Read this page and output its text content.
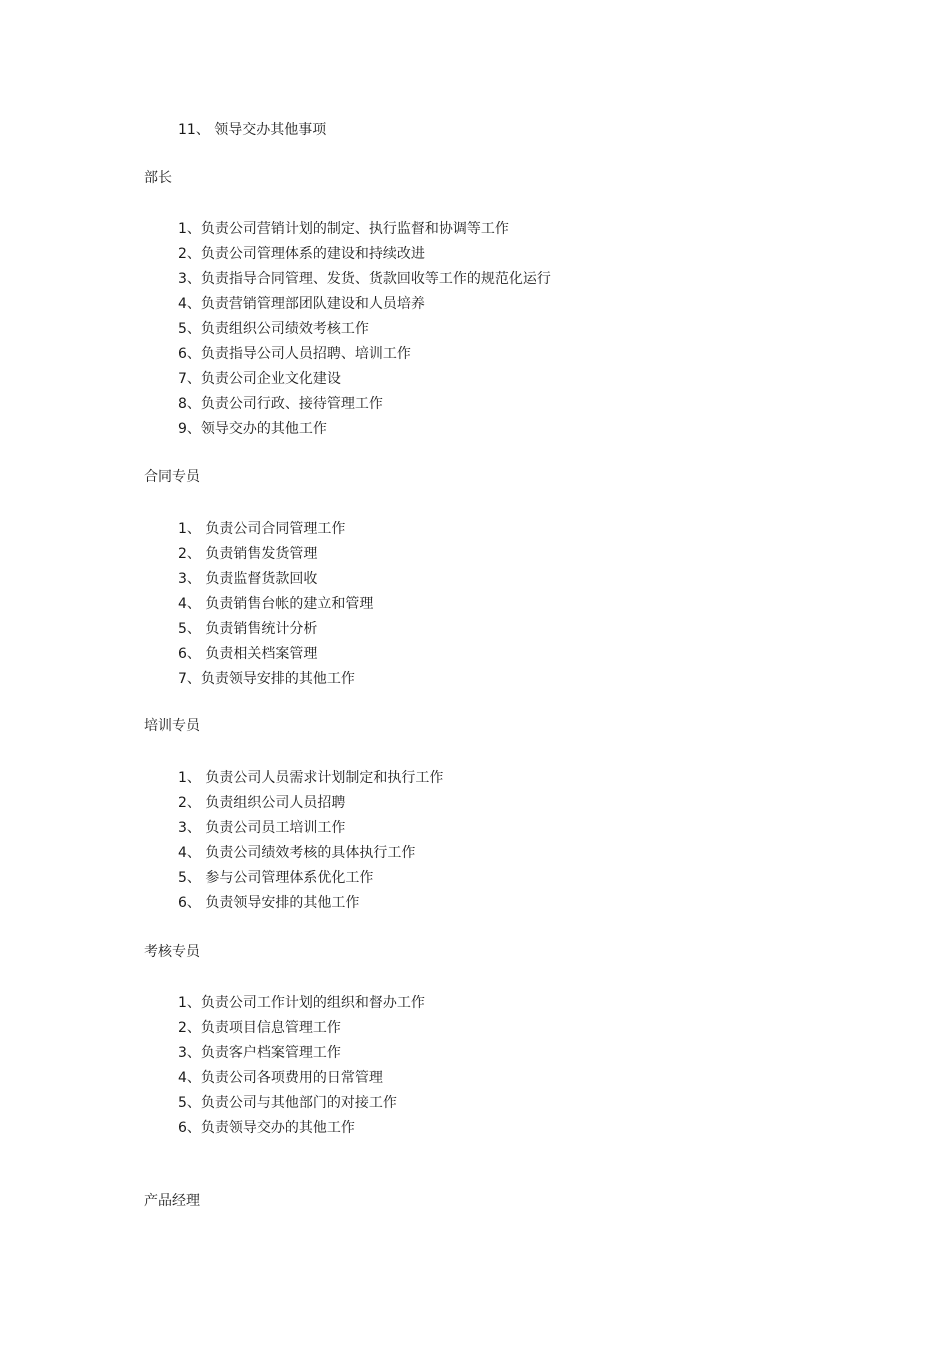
11、 领导交办其他事项
部长
1、负责公司营销计划的制定、执行监督和协调等工作
2、负责公司管理体系的建设和持续改进
3、负责指导合同管理、发货、货款回收等工作的规范化运行
4、负责营销管理部团队建设和人员培养
5、负责组织公司绩效考核工作
6、负责指导公司人员招聘、培训工作
7、负责公司企业文化建设
8、负责公司行政、接待管理工作
9、领导交办的其他工作
合同专员
1、 负责公司合同管理工作
2、 负责销售发货管理
3、 负责监督货款回收
4、 负责销售台帐的建立和管理
5、 负责销售统计分析
6、 负责相关档案管理
7、负责领导安排的其他工作
培训专员
1、 负责公司人员需求计划制定和执行工作
2、 负责组织公司人员招聘
3、 负责公司员工培训工作
4、 负责公司绩效考核的具体执行工作
5、 参与公司管理体系优化工作
6、 负责领导安排的其他工作
考核专员
1、负责公司工作计划的组织和督办工作
2、负责项目信息管理工作
3、负责客户档案管理工作
4、负责公司各项费用的日常管理
5、负责公司与其他部门的对接工作
6、负责领导交办的其他工作
产品经理
